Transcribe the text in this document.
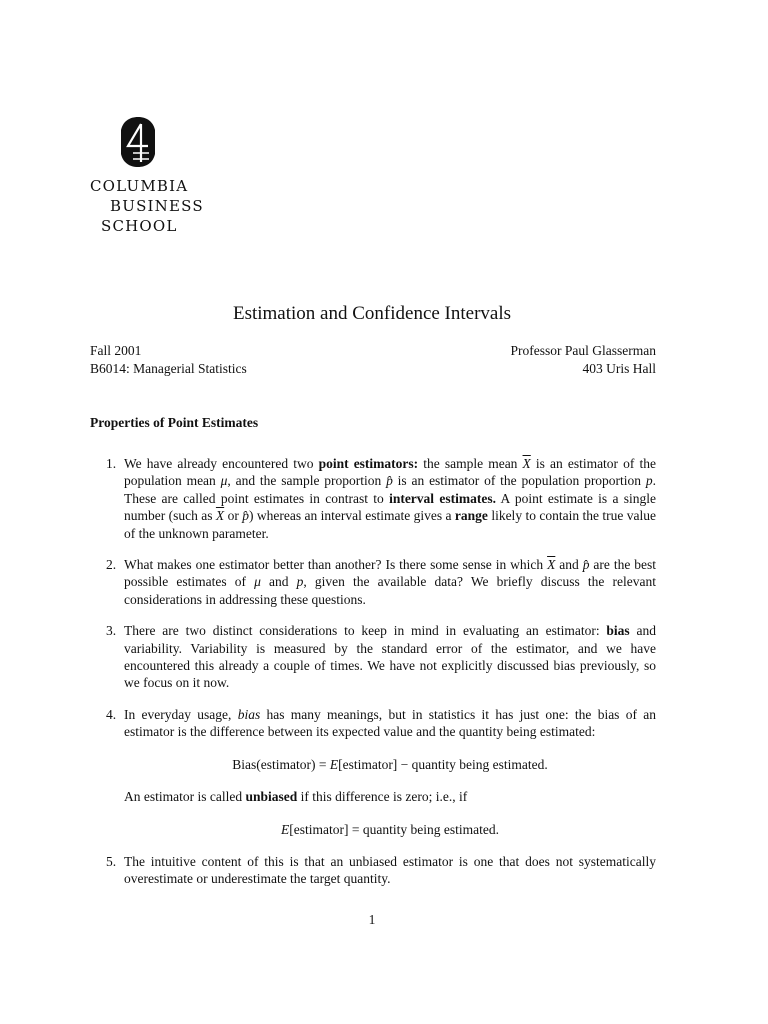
COLUMBIA
BUSINESS
SCHOOL
Estimation and Confidence Intervals
Fall 2001
B6014: Managerial Statistics
Professor Paul Glasserman
403 Uris Hall
Properties of Point Estimates
1. We have already encountered two point estimators: the sample mean $\overline{X}$ is an estimator of the population mean μ, and the sample proportion p̂ is an estimator of the population proportion p. These are called point estimates in contrast to interval estimates. A point estimate is a single number (such as $\overline{X}$ or p̂) whereas an interval estimate gives a range likely to contain the true value of the unknown parameter.
2. What makes one estimator better than another? Is there some sense in which $\overline{X}$ and p̂ are the best possible estimates of μ and p, given the available data? We briefly discuss the relevant considerations in addressing these questions.
3. There are two distinct considerations to keep in mind in evaluating an estimator: bias and variability. Variability is measured by the standard error of the estimator, and we have encountered this already a couple of times. We have not explicitly discussed bias previously, so we focus on it now.
4. In everyday usage, bias has many meanings, but in statistics it has just one: the bias of an estimator is the difference between its expected value and the quantity being estimated:
Bias(estimator) = E[estimator] − quantity being estimated.
An estimator is called unbiased if this difference is zero; i.e., if
E[estimator] = quantity being estimated.
5. The intuitive content of this is that an unbiased estimator is one that does not systematically overestimate or underestimate the target quantity.
1
